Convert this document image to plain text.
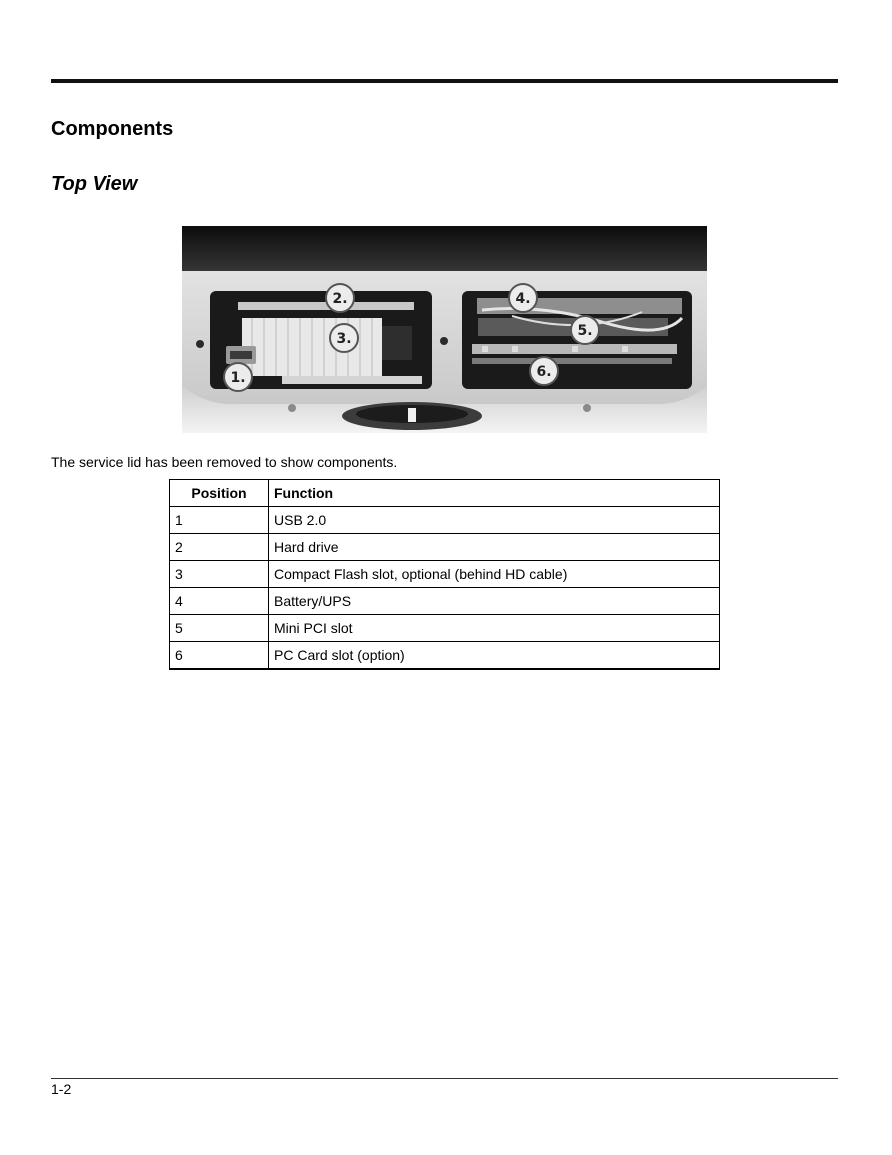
Components
Top View
1.
2.
3.
4.
5.
6.

The service lid has been removed to show components.

Position	Function
1	USB 2.0
2	Hard drive
3	Compact Flash slot, optional (behind HD cable)
4	Battery/UPS
5	Mini PCI slot
6	PC Card slot (option)
1-2
